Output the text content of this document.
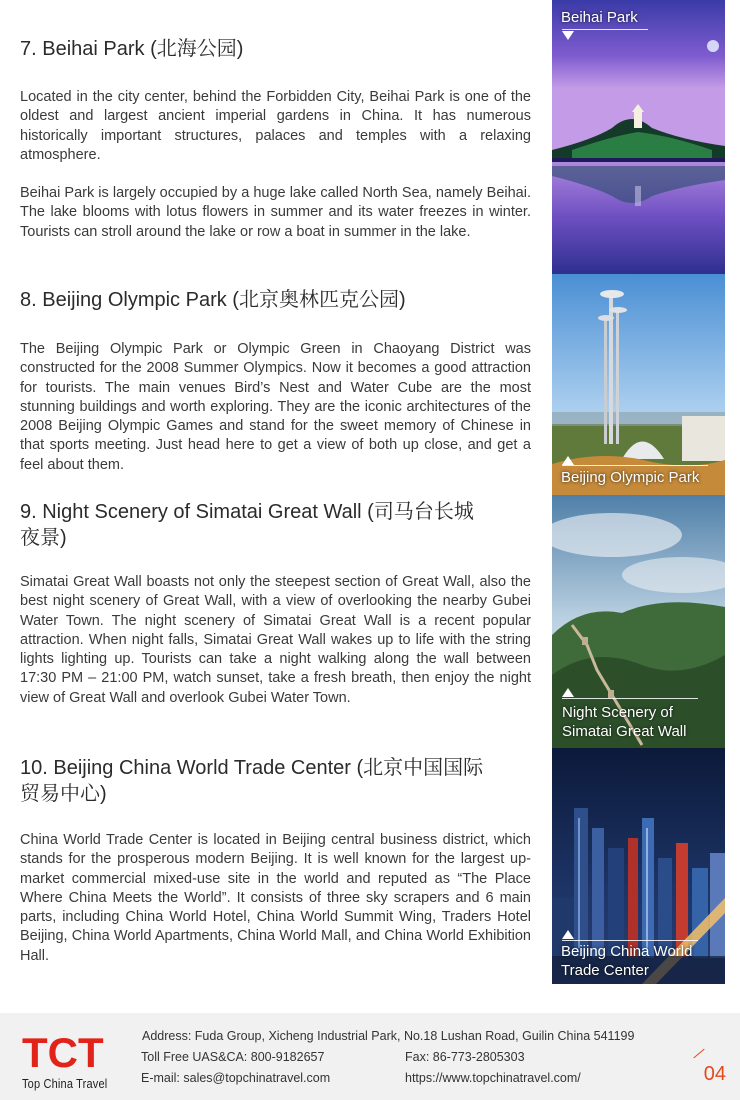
7. Beihai Park (北海公园)

Located in the city center, behind the Forbidden City, Beihai Park is one of the oldest and largest ancient imperial gardens in China. It has numerous historically important structures, palaces and temples with a relaxing atmosphere.

Beihai Park is largely occupied by a huge lake called North Sea, namely Beihai. The lake blooms with lotus flowers in summer and its water freezes in winter. Tourists can stroll around the lake or row a boat in summer in the lake.

8. Beijing Olympic Park (北京奥林匹克公园)

The Beijing Olympic Park or Olympic Green in Chaoyang District was constructed for the 2008 Summer Olympics. Now it becomes a good attraction for tourists. The main venues Bird’s Nest and Water Cube are the most stunning buildings and worth exploring. They are the iconic architectures of the 2008 Beijing Olympic Games and stand for the sweet memory of Chinese in that sports meeting. Just head here to get a view of both up close, and get a feel about them.

9. Night Scenery of Simatai Great Wall (司马台长城
夜景)

Simatai Great Wall boasts not only the steepest section of Great Wall, also the best night scenery of Great Wall, with a view of overlooking the nearby Gubei Water Town. The night scenery of Simatai Great Wall is a recent popular attraction. When night falls, Simatai Great Wall wakes up to life with the string lights lighting up. Tourists can take a night walking along the wall between 17:30 PM – 21:00 PM, watch sunset, take a fresh breath, then enjoy the night view of Great Wall and overlook Gubei Water Town.

10. Beijing China World Trade Center (北京中国国际
贸易中心)

China World Trade Center is located in Beijing central business district, which stands for the prosperous modern Beijing. It is well known for the largest up-market commercial mixed-use site in the world and reputed as “The Place Where China Meets the World”. It consists of three sky scrapers and 6 main parts, including China World Hotel, China World Summit Wing, Traders Hotel Beijing, China World Apartments, China World Mall, and China World Exhibition Hall.

Beihai Park
Beijing Olympic Park
Night Scenery of
Simatai Great Wall
Beijing China World
Trade Center
TCT
Top China Travel
Address: Fuda Group, Xicheng Industrial Park, No.18 Lushan Road, Guilin China 541199
Toll Free UAS&CA: 800-9182657	Fax: 86-773-2805303
E-mail: sales@topchinatravel.com	https://www.topchinatravel.com/	04
